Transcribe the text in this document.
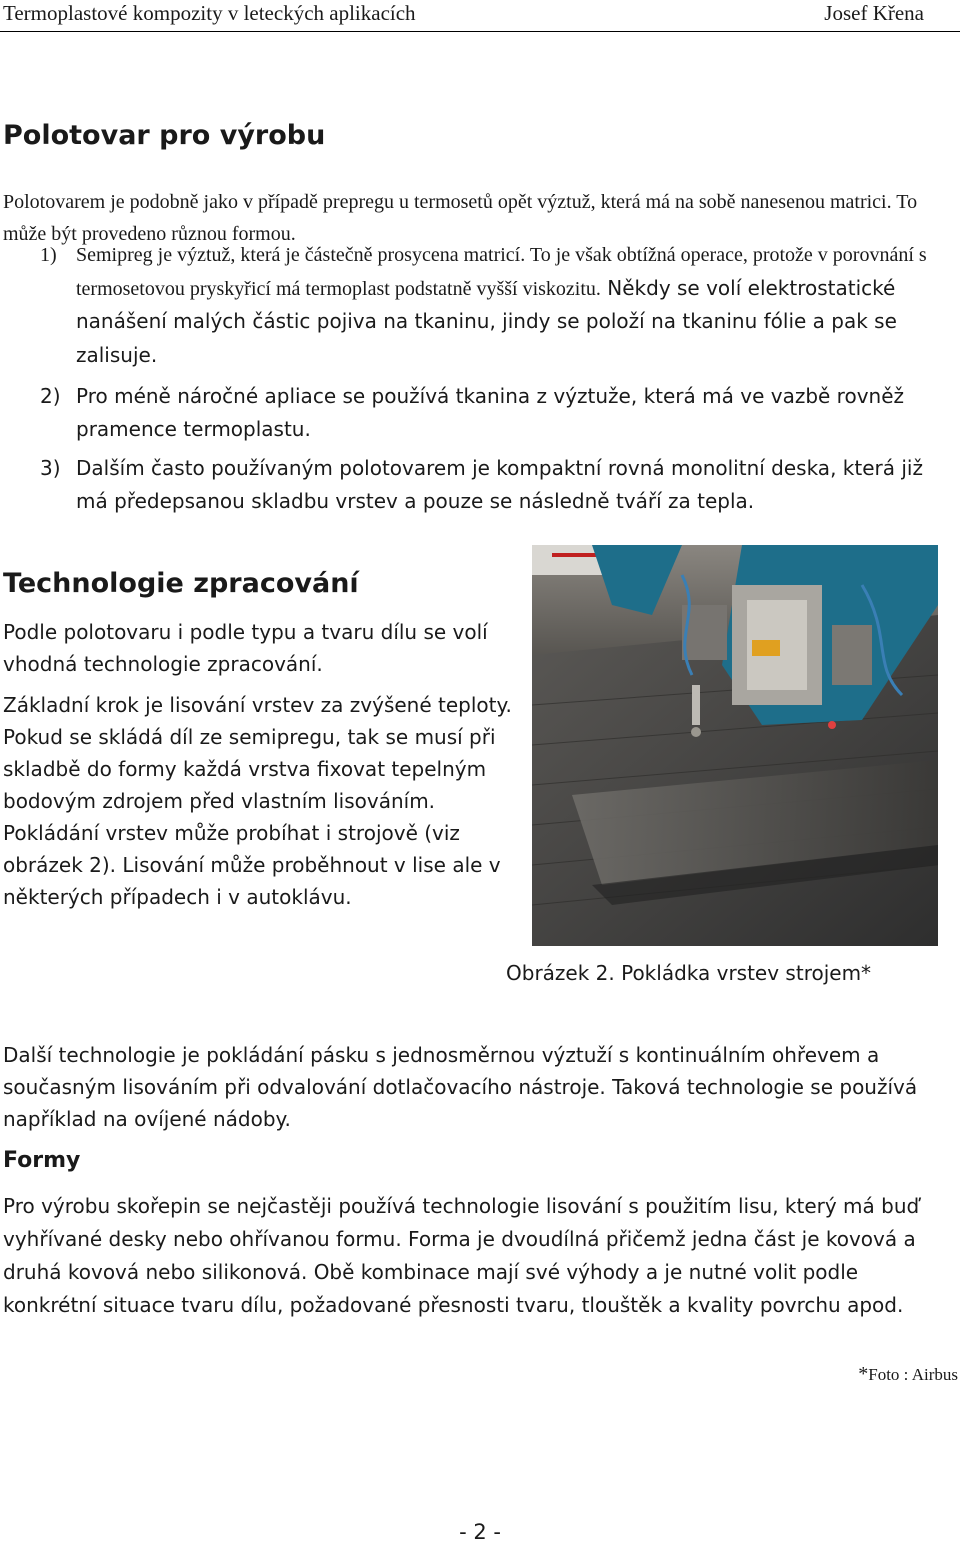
Termoplastové kompozity v leteckých aplikacích	Josef Křena
Polotovar pro výrobu

Polotovarem je podobně jako v případě prepregu u termosetů opět výztuž, která má na sobě nanesenou matrici. To může být provedeno různou formou.

1) Semipreg je výztuž, která je částečně prosycena matricí. To je však obtížná operace, protože v porovnání s termosetovou pryskyřicí má termoplast podstatně vyšší viskozitu. Někdy se volí elektrostatické nanášení malých částic pojiva na tkaninu, jindy se položí na tkaninu fólie a pak se zalisuje.
2) Pro méně náročné apliace se používá tkanina z výztuže, která má ve vazbě rovněž pramence termoplastu.
3) Dalším často používaným polotovarem je kompaktní rovná monolitní deska, která již má předepsanou skladbu vrstev a pouze se následně tváří za tepla.
Technologie zpracování

Podle polotovaru i podle typu a tvaru dílu se volí vhodná technologie zpracování.

Základní krok je lisování vrstev za zvýšené teploty. Pokud se skládá díl ze semipregu, tak se musí při skladbě do formy každá vrstva fixovat tepelným bodovým zdrojem před vlastním lisováním. Pokládání vrstev může probíhat i strojově (viz obrázek 2). Lisování může proběhnout v lise ale v některých případech i v autoklávu.

Obrázek 2. Pokládka vrstev strojem*

Další technologie je pokládání pásku s jednosměrnou výztuží s kontinuálním ohřevem a současným lisováním při odvalování dotlačovacího nástroje. Taková technologie se používá například na ovíjené nádoby.

Formy

Pro výrobu skořepin se nejčastěji používá technologie lisování s použitím lisu, který má buď vyhřívané desky nebo ohřívanou formu. Forma je dvoudílná přičemž jedna část je kovová a druhá kovová nebo silikonová. Obě kombinace mají své výhody a je nutné volit podle konkrétní situace tvaru dílu, požadované přesnosti tvaru, tlouštěk a kvality povrchu apod.

*Foto : Airbus
- 2 -
